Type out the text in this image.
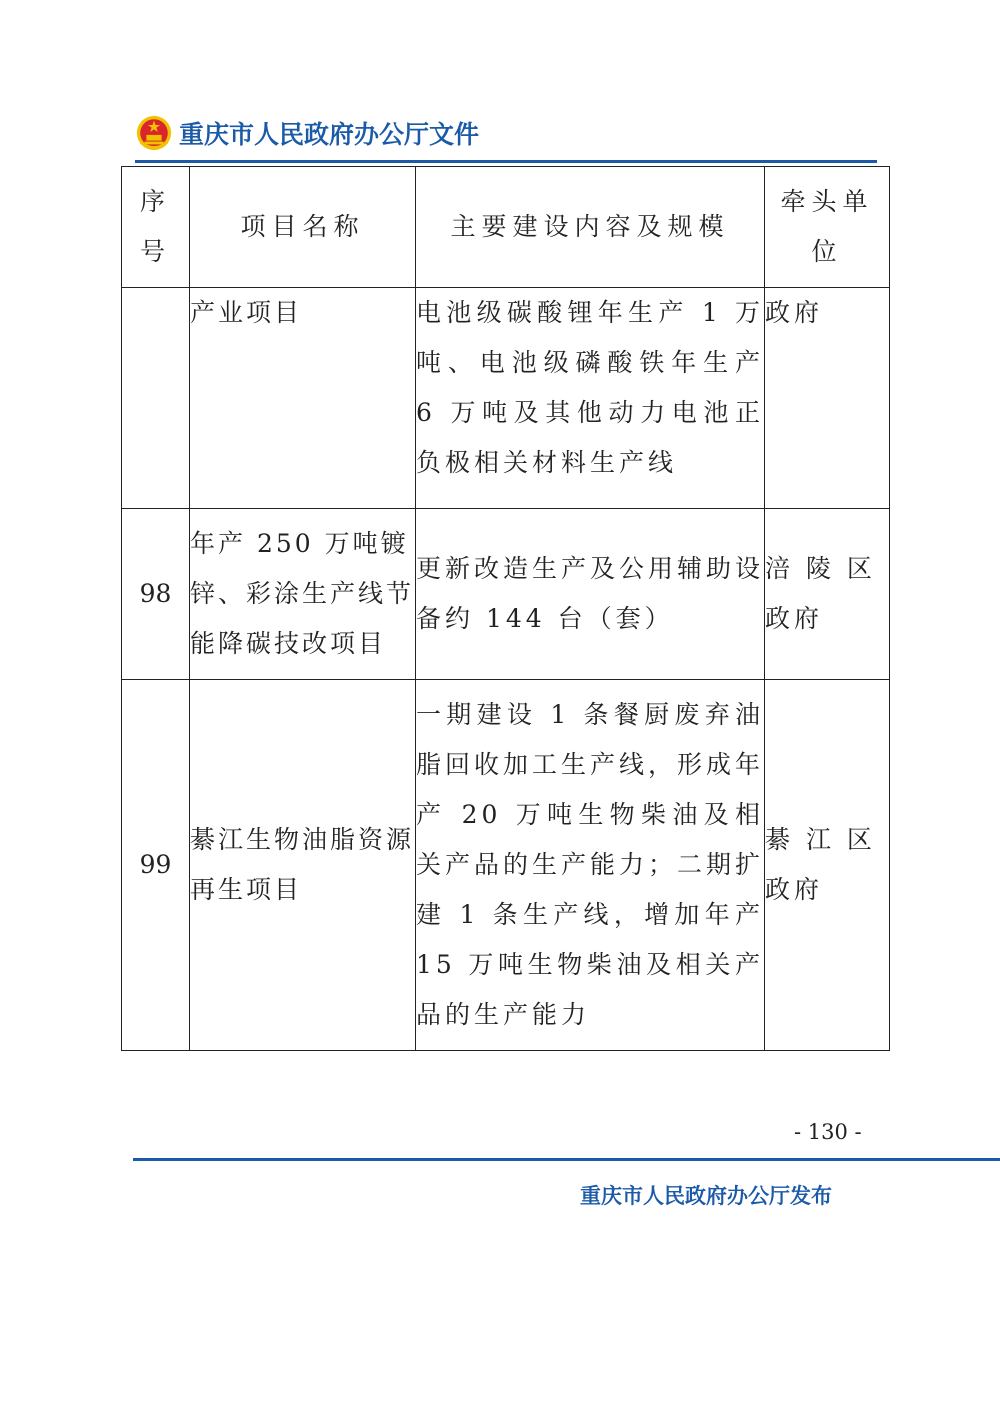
重庆市人民政府办公厅文件
序号	项目名称	主要建设内容及规模	牵头单位
	产业项目	电池级碳酸锂年生产 1 万吨、电池级磷酸铁年生产 6 万吨及其他动力电池正负极相关材料生产线	政府
98	年产 250 万吨镀锌、彩涂生产线节能降碳技改项目	更新改造生产及公用辅助设备约 144 台（套）	涪 陵 区政府
99	綦江生物油脂资源再生项目	一期建设 1 条餐厨废弃油脂回收加工生产线，形成年产 20 万吨生物柴油及相关产品的生产能力；二期扩建 1 条生产线，增加年产 15 万吨生物柴油及相关产品的生产能力	綦 江 区政府
- 130 -
重庆市人民政府办公厅发布
